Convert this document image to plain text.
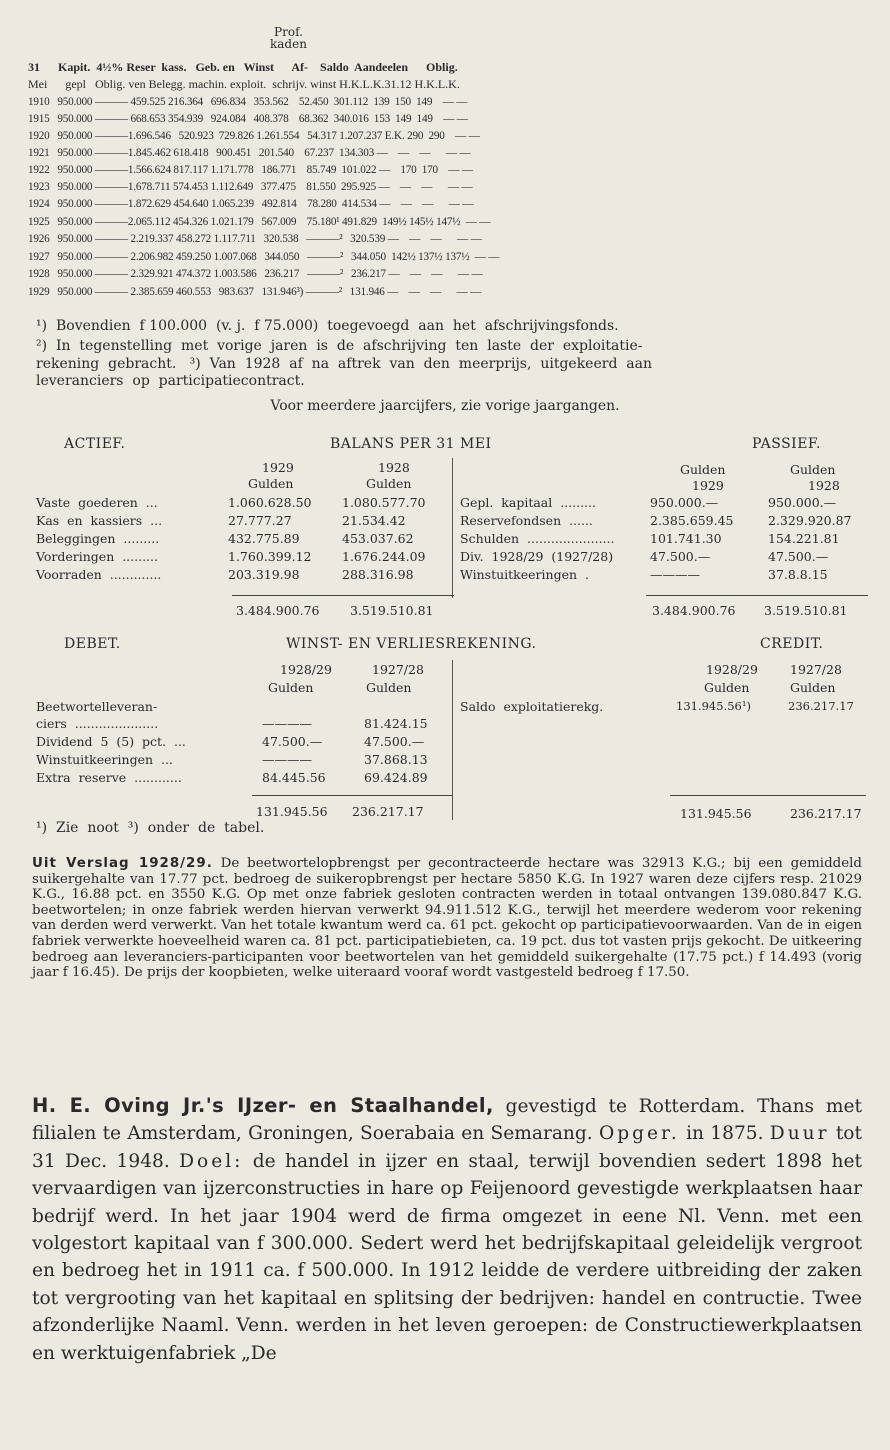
Prof.
kaden
31      Kapit.  4½% Reser  kass.   Geb. en   Winst      Af-    Saldo  Aandeelen      Oblig.
Mei      gepl   Oblig. ven Belegg. machin. exploit.  schrijv. winst H.K.L.K.31.12 H.K.L.K.
1910   950.000 ——— 459.525 216.364   696.834   353.562    52.450  301.112  139  150  149    — —
1915   950.000 ——— 668.653 354.939   924.084   408.378    68.362  340.016  153  149  149    — —
1920   950.000 ———1.696.546   520.923  729.826 1.261.554   54.317 1.207.237 E.K. 290  290    — —
1921   950.000 ———1.845.462 618.418   900.451   201.540    67.237  134.303 —    —    —      — —
1922   950.000 ———1.566.624 817.117 1.171.778   186.771    85.749  101.022 —    170  170    — —
1923   950.000 ———1.678.711 574.453 1.112.649   377.475    81.550  295.925 —    —    —      — —
1924   950.000 ———1.872.629 454.640 1.065.239   492.814    78.280  414.534 —    —    —      — —
1925   950.000 ———2.065.112 454.326 1.021.179   567.009    75.180¹ 491.829  149½ 145½ 147½  — —
1926   950.000 ——— 2.219.337 458.272 1.117.711   320.538   ———²   320.539 —    —    —      — —
1927   950.000 ——— 2.206.982 459.250 1.007.068   344.050   ———²   344.050  142½ 137½ 137½  — —
1928   950.000 ——— 2.329.921 474.372 1.003.586   236.217   ———²   236.217 —    —    —      — —
1929   950.000 ——— 2.385.659 460.553   983.637   131.946³) ———²   131.946 —    —    —      — —
¹)  Bovendien  f 100.000  (v. j.  f 75.000)  toegevoegd  aan  het  afschrijvingsfonds.
²)  In  tegenstelling  met  vorige  jaren  is  de  afschrijving  ten  laste  der  exploitatie-
rekening  gebracht.   ³)  Van  1928  af  na  aftrek  van  den  meerprijs,  uitgekeerd  aan
leveranciers  op  participatiecontract.
Voor meerdere jaarcijfers, zie vorige jaargangen.
ACTIEF.	BALANS PER 31 MEI	PASSIEF.
1929	1928
Gulden	Gulden
Gulden	Gulden
1929	1928
Vaste  goederen  ...	1.060.628.50 1.080.577.70
Kas  en  kassiers  ...	27.777.27	21.534.42
Beleggingen  .........	432.775.89	453.037.62
Vorderingen  .........	1.760.399.12 1.676.244.09
Voorraden  .............	203.319.98	288.316.98
Gepl.  kapitaal  .........	950.000.—	950.000.—
Reservefondsen  ......	2.385.659.45	2.329.920.87
Schulden  ......................	101.741.30	154.221.81
Div.  1928/29  (1927/28)	47.500.—	47.500.—
Winstuitkeeringen  .	————	37.8.8.15
3.484.900.76 3.519.510.81	3.484.900.76 3.519.510.81
DEBET.	WINST- EN VERLIESREKENING.	CREDIT.
1928/29	1927/28
Gulden	Gulden
1928/29	1927/28
Gulden	Gulden
Beetwortelleveran-
ciers  .....................	————	81.424.15
Dividend  5  (5)  pct.  ...	47.500.—	47.500.—
Winstuitkeeringen  ...	————	37.868.13
Extra  reserve  ............	84.445.56	69.424.89
Saldo  exploitatierekg.	131.945.56¹)	236.217.17
131.945.56 236.217.17	131.945.56	236.217.17
¹)  Zie  noot  ³)  onder  de  tabel.
Uit Verslag 1928/29. De beetwortelopbrengst per gecontracteerde hectare was 32913 K.G.; bij een gemiddeld suikergehalte van 17.77 pct. bedroeg de suikeropbrengst per hectare 5850 K.G. In 1927 waren deze cijfers resp. 21029 K.G., 16.88 pct. en 3550 K.G. Op met onze fabriek gesloten contracten werden in totaal ontvangen 139.080.847 K.G. beetwortelen; in onze fabriek werden hiervan verwerkt 94.911.512 K.G., terwijl het meerdere wederom voor rekening van derden werd verwerkt. Van het totale kwantum werd ca. 61 pct. gekocht op participatievoorwaarden. Van de in eigen fabriek verwerkte hoeveelheid waren ca. 81 pct. participatiebieten, ca. 19 pct. dus tot vasten prijs gekocht. De uitkeering bedroeg aan leveranciers-participanten voor beetwortelen van het gemiddeld suikergehalte (17.75 pct.) f 14.493 (vorig jaar f 16.45). De prijs der koopbieten, welke uiteraard vooraf wordt vastgesteld bedroeg f 17.50.
H. E. Oving Jr.'s IJzer- en Staalhandel, gevestigd te Rotterdam. Thans met filialen te Amsterdam, Groningen, Soerabaia en Semarang. Opger. in 1875. Duur tot 31 Dec. 1948. Doel: de handel in ijzer en staal, terwijl bovendien sedert 1898 het vervaardigen van ijzerconstructies in hare op Feijenoord gevestigde werkplaatsen haar bedrijf werd. In het jaar 1904 werd de firma omgezet in eene Nl. Venn. met een volgestort kapitaal van f 300.000. Sedert werd het bedrijfskapitaal geleidelijk vergroot en bedroeg het in 1911 ca. f 500.000. In 1912 leidde de verdere uitbreiding der zaken tot vergrooting van het kapitaal en splitsing der bedrijven: handel en contructie. Twee afzonderlijke Naaml. Venn. werden in het leven geroepen: de Constructiewerkplaatsen en werktuigenfabriek „De
